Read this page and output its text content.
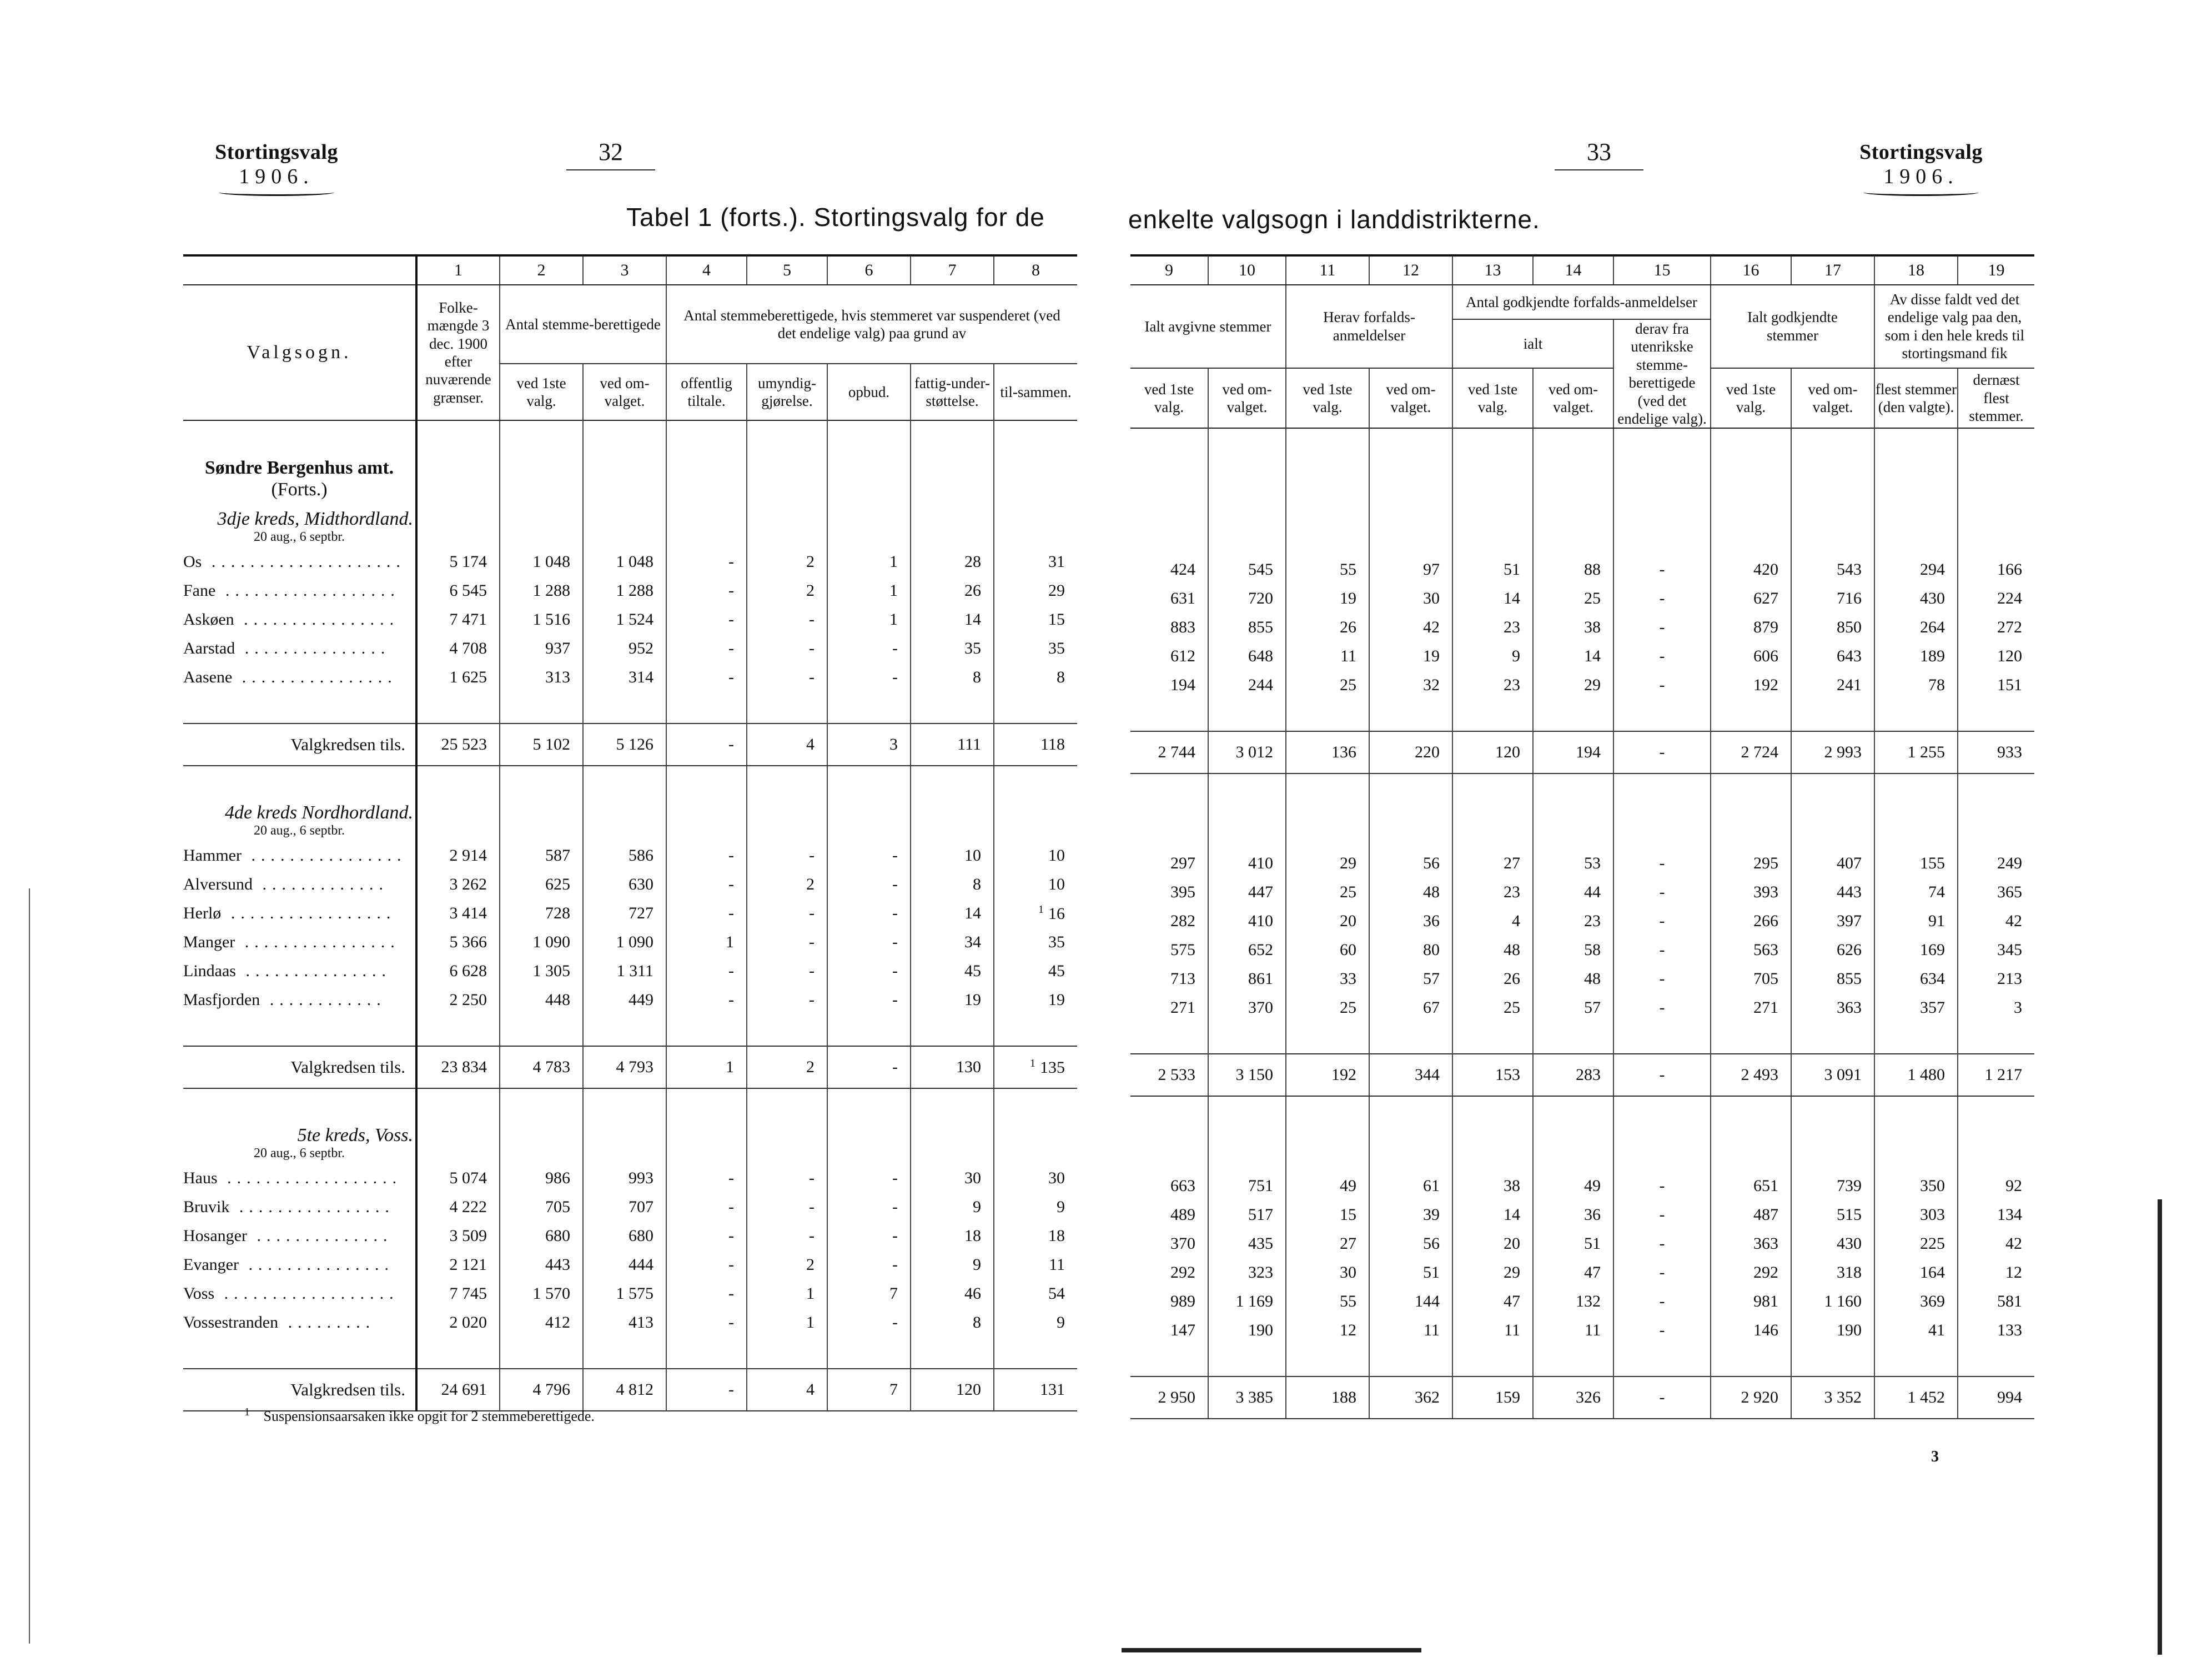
Stortingsvalg
1906.
32
Tabel 1 (forts.). Stortingsvalg for de
33	Stortingsvalg
1906.
enkelte valgsogn i landdistrikterne.
	1	2	3	4	5	6	7	8
Valgsogn.	Folke-mængde 3 dec. 1900 efter nuværende grænser.	Antal stemme-berettigede		Antal stemmeberettigede, hvis stemmeret var suspenderet (ved det endelige valg) paa grund av				
		ved 1ste valg.	ved om-valget.	offentlig tiltale.	umyndig-gjørelse.	opbud.	fattig-under-støttelse.	til-sammen.

Søndre Bergenhus amt.
(Forts.)								

3dje kreds, Midthordland.
20 aug., 6 septbr.								

Os ....................	5 174	1 048	1 048	-	2	1	28	31
Fane ..................	6 545	1 288	1 288	-	2	1	26	29
Askøen ................	7 471	1 516	1 524	-	-	1	14	15
Aarstad ...............	4 708	937	952	-	-	-	35	35
Aasene ................	1 625	313	314	-	-	-	8	8

Valgkredsen tils.	25 523	5 102	5 126	-	4	3	111	118

4de kreds Nordhordland.
20 aug., 6 septbr.								

Hammer ................	2 914	587	586	-	-	-	10	10
Alversund .............	3 262	625	630	-	2	-	8	10
Herlø .................	3 414	728	727	-	-	-	14	$^1$ 16
Manger ................	5 366	1 090	1 090	1	-	-	34	35
Lindaas ...............	6 628	1 305	1 311	-	-	-	45	45
Masfjorden ............	2 250	448	449	-	-	-	19	19

Valgkredsen tils.	23 834	4 783	4 793	1	2	-	130	$^1$ 135

5te kreds, Voss.
20 aug., 6 septbr.								

Haus ..................	5 074	986	993	-	-	-	30	30
Bruvik ................	4 222	705	707	-	-	-	9	9
Hosanger ..............	3 509	680	680	-	-	-	18	18
Evanger ...............	2 121	443	444	-	2	-	9	11
Voss ..................	7 745	1 570	1 575	-	1	7	46	54
Vossestranden .........	2 020	412	413	-	1	-	8	9

Valgkredsen tils.	24 691	4 796	4 812	-	4	7	120	131
9	10	11	12	13	14	15	16	17	18	19
Ialt avgivne stemmer		Herav forfalds-anmeldelser		Antal godkjendte forfalds-anmeldelser			Ialt godkjendte stemmer		Av disse faldt ved det endelige valg paa den, som i den hele kreds til stortingsmand fik	
				ialt		derav fra utenrikske stemme-berettigede (ved det endelige valg).				
ved 1ste valg.	ved om-valget.	ved 1ste valg.	ved om-valget.	ved 1ste valg.	ved om-valget.		ved 1ste valg.	ved om-valget.	flest stemmer (den valgte).	dernæst flest stemmer.

424	545	55	97	51	88	-	420	543	294	166
631	720	19	30	14	25	-	627	716	430	224
883	855	26	42	23	38	-	879	850	264	272
612	648	11	19	9	14	-	606	643	189	120
194	244	25	32	23	29	-	192	241	78	151

2 744	3 012	136	220	120	194	-	2 724	2 993	1 255	933

297	410	29	56	27	53	-	295	407	155	249
395	447	25	48	23	44	-	393	443	74	365
282	410	20	36	4	23	-	266	397	91	42
575	652	60	80	48	58	-	563	626	169	345
713	861	33	57	26	48	-	705	855	634	213
271	370	25	67	25	57	-	271	363	357	3

2 533	3 150	192	344	153	283	-	2 493	3 091	1 480	1 217

663	751	49	61	38	49	-	651	739	350	92
489	517	15	39	14	36	-	487	515	303	134
370	435	27	56	20	51	-	363	430	225	42
292	323	30	51	29	47	-	292	318	164	12
989	1 169	55	144	47	132	-	981	1 160	369	581
147	190	12	11	11	11	-	146	190	41	133

2 950	3 385	188	362	159	326	-	2 920	3 352	1 452	994
$^1$ Suspensionsaarsaken ikke opgit for 2 stemmeberettigede.
3
